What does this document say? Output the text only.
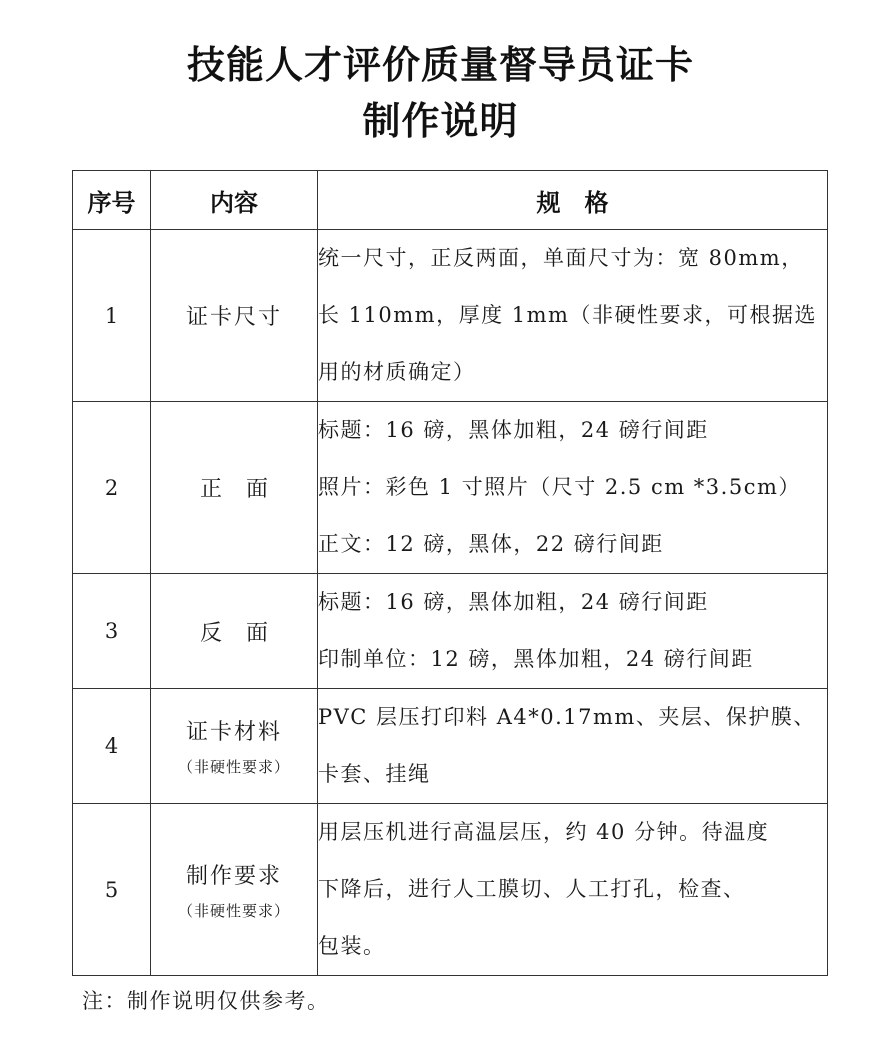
技能人才评价质量督导员证卡
制作说明
序号	内容	规　格
1	证卡尺寸	统一尺寸，正反两面，单面尺寸为：宽 80mm，
长 110mm，厚度 1mm（非硬性要求，可根据选
用的材质确定）

2	正面	标题：16 磅，黑体加粗，24 磅行间距
照片：彩色 1 寸照片（尺寸 2.5 cm *3.5cm）
正文：12 磅，黑体，22 磅行间距

3	反面	标题：16 磅，黑体加粗，24 磅行间距
印制单位：12 磅，黑体加粗，24 磅行间距

4	证卡材料
（非硬性要求）	PVC 层压打印料 A4*0.17mm、夹层、保护膜、
卡套、挂绳

5	制作要求
（非硬性要求）	用层压机进行高温层压，约 40 分钟。待温度
下降后，进行人工膜切、人工打孔，检查、
包装。
注：制作说明仅供参考。
